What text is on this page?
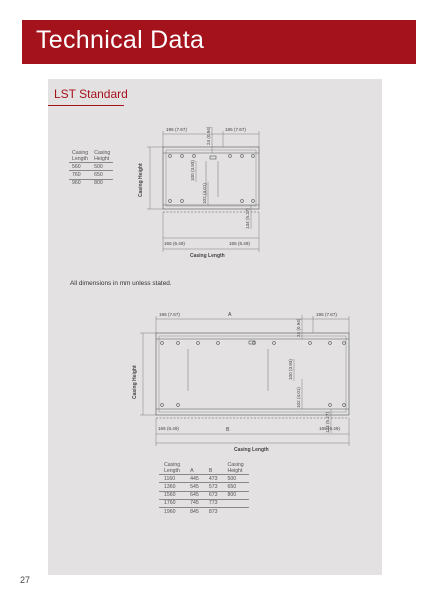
Technical Data
LST Standard
195 (7.67)	195 (7.67)
24 (0.94)
100 (3.93)
102 (4.01)
134 (5.27)
165 (6.49)	165 (6.49)
Casing Height
Casing Length
195 (7.67)	A	195 (7.67)
24 (0.94)
100 (3.93)
102 (4.01)
134 (5.27)
165 (6.49)	B	165 (6.49)
Casing Height
Casing Length
Casing
Length	Casing
Height
560	500
760	650
960	800
All dimensions in mm unless stated.
Casing
Length	A	B	Casing
Height
1160	445	473	500
1360	545	573	650
1560	645	673	800
1760	745	773	
1960	845	873	
27
